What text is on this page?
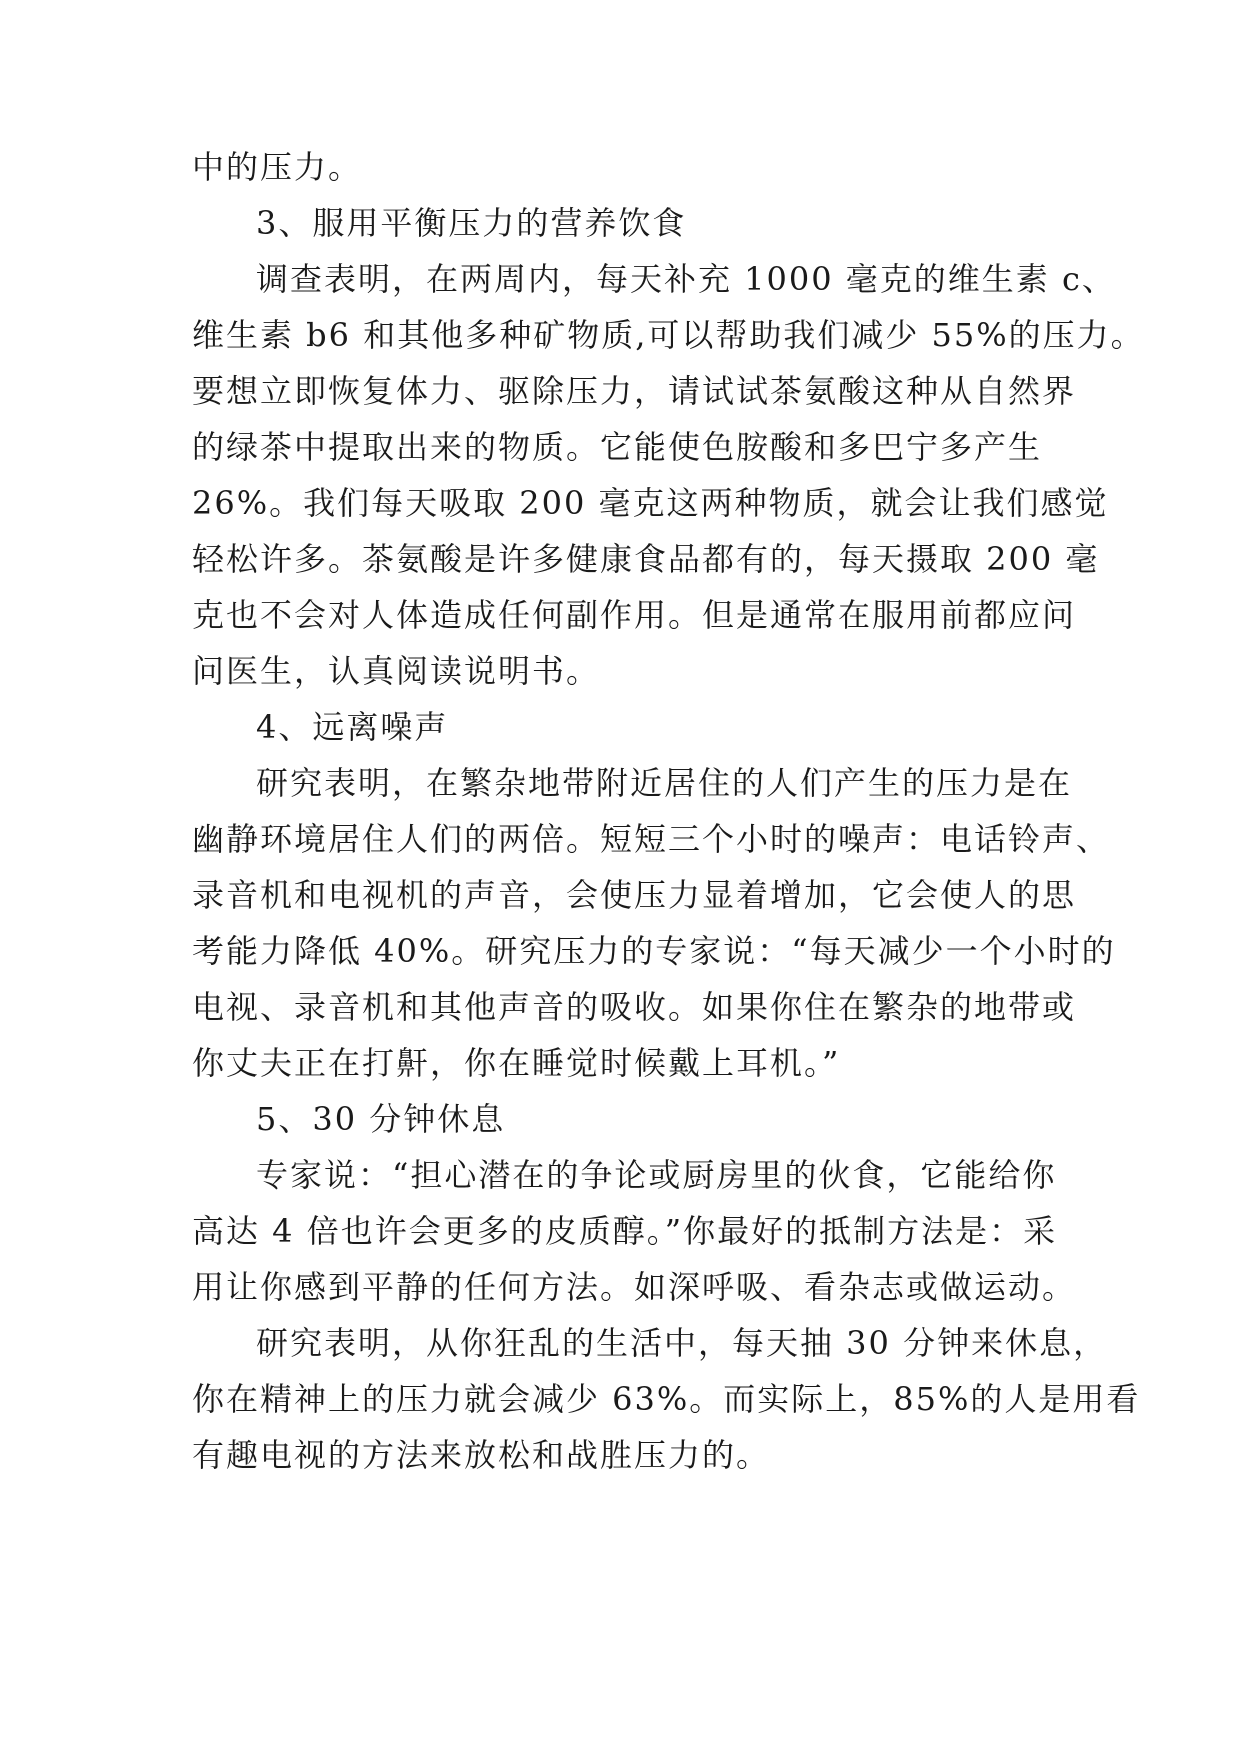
中的压力。
3、服用平衡压力的营养饮食
调查表明，在两周内，每天补充 1000 毫克的维生素 c、
维生素 b6 和其他多种矿物质,可以帮助我们减少 55%的压力。
要想立即恢复体力、驱除压力，请试试茶氨酸这种从自然界
的绿茶中提取出来的物质。它能使色胺酸和多巴宁多产生
26%。我们每天吸取 200 毫克这两种物质，就会让我们感觉
轻松许多。茶氨酸是许多健康食品都有的，每天摄取 200 毫
克也不会对人体造成任何副作用。但是通常在服用前都应问
问医生，认真阅读说明书。
4、远离噪声
研究表明，在繁杂地带附近居住的人们产生的压力是在
幽静环境居住人们的两倍。短短三个小时的噪声：电话铃声、
录音机和电视机的声音，会使压力显着增加，它会使人的思
考能力降低 40%。研究压力的专家说：“每天减少一个小时的
电视、录音机和其他声音的吸收。如果你住在繁杂的地带或
你丈夫正在打鼾，你在睡觉时候戴上耳机。”
5、30 分钟休息
专家说：“担心潜在的争论或厨房里的伙食，它能给你
高达 4 倍也许会更多的皮质醇。”你最好的抵制方法是：采
用让你感到平静的任何方法。如深呼吸、看杂志或做运动。
研究表明，从你狂乱的生活中，每天抽 30 分钟来休息，
你在精神上的压力就会减少 63%。而实际上，85%的人是用看
有趣电视的方法来放松和战胜压力的。
